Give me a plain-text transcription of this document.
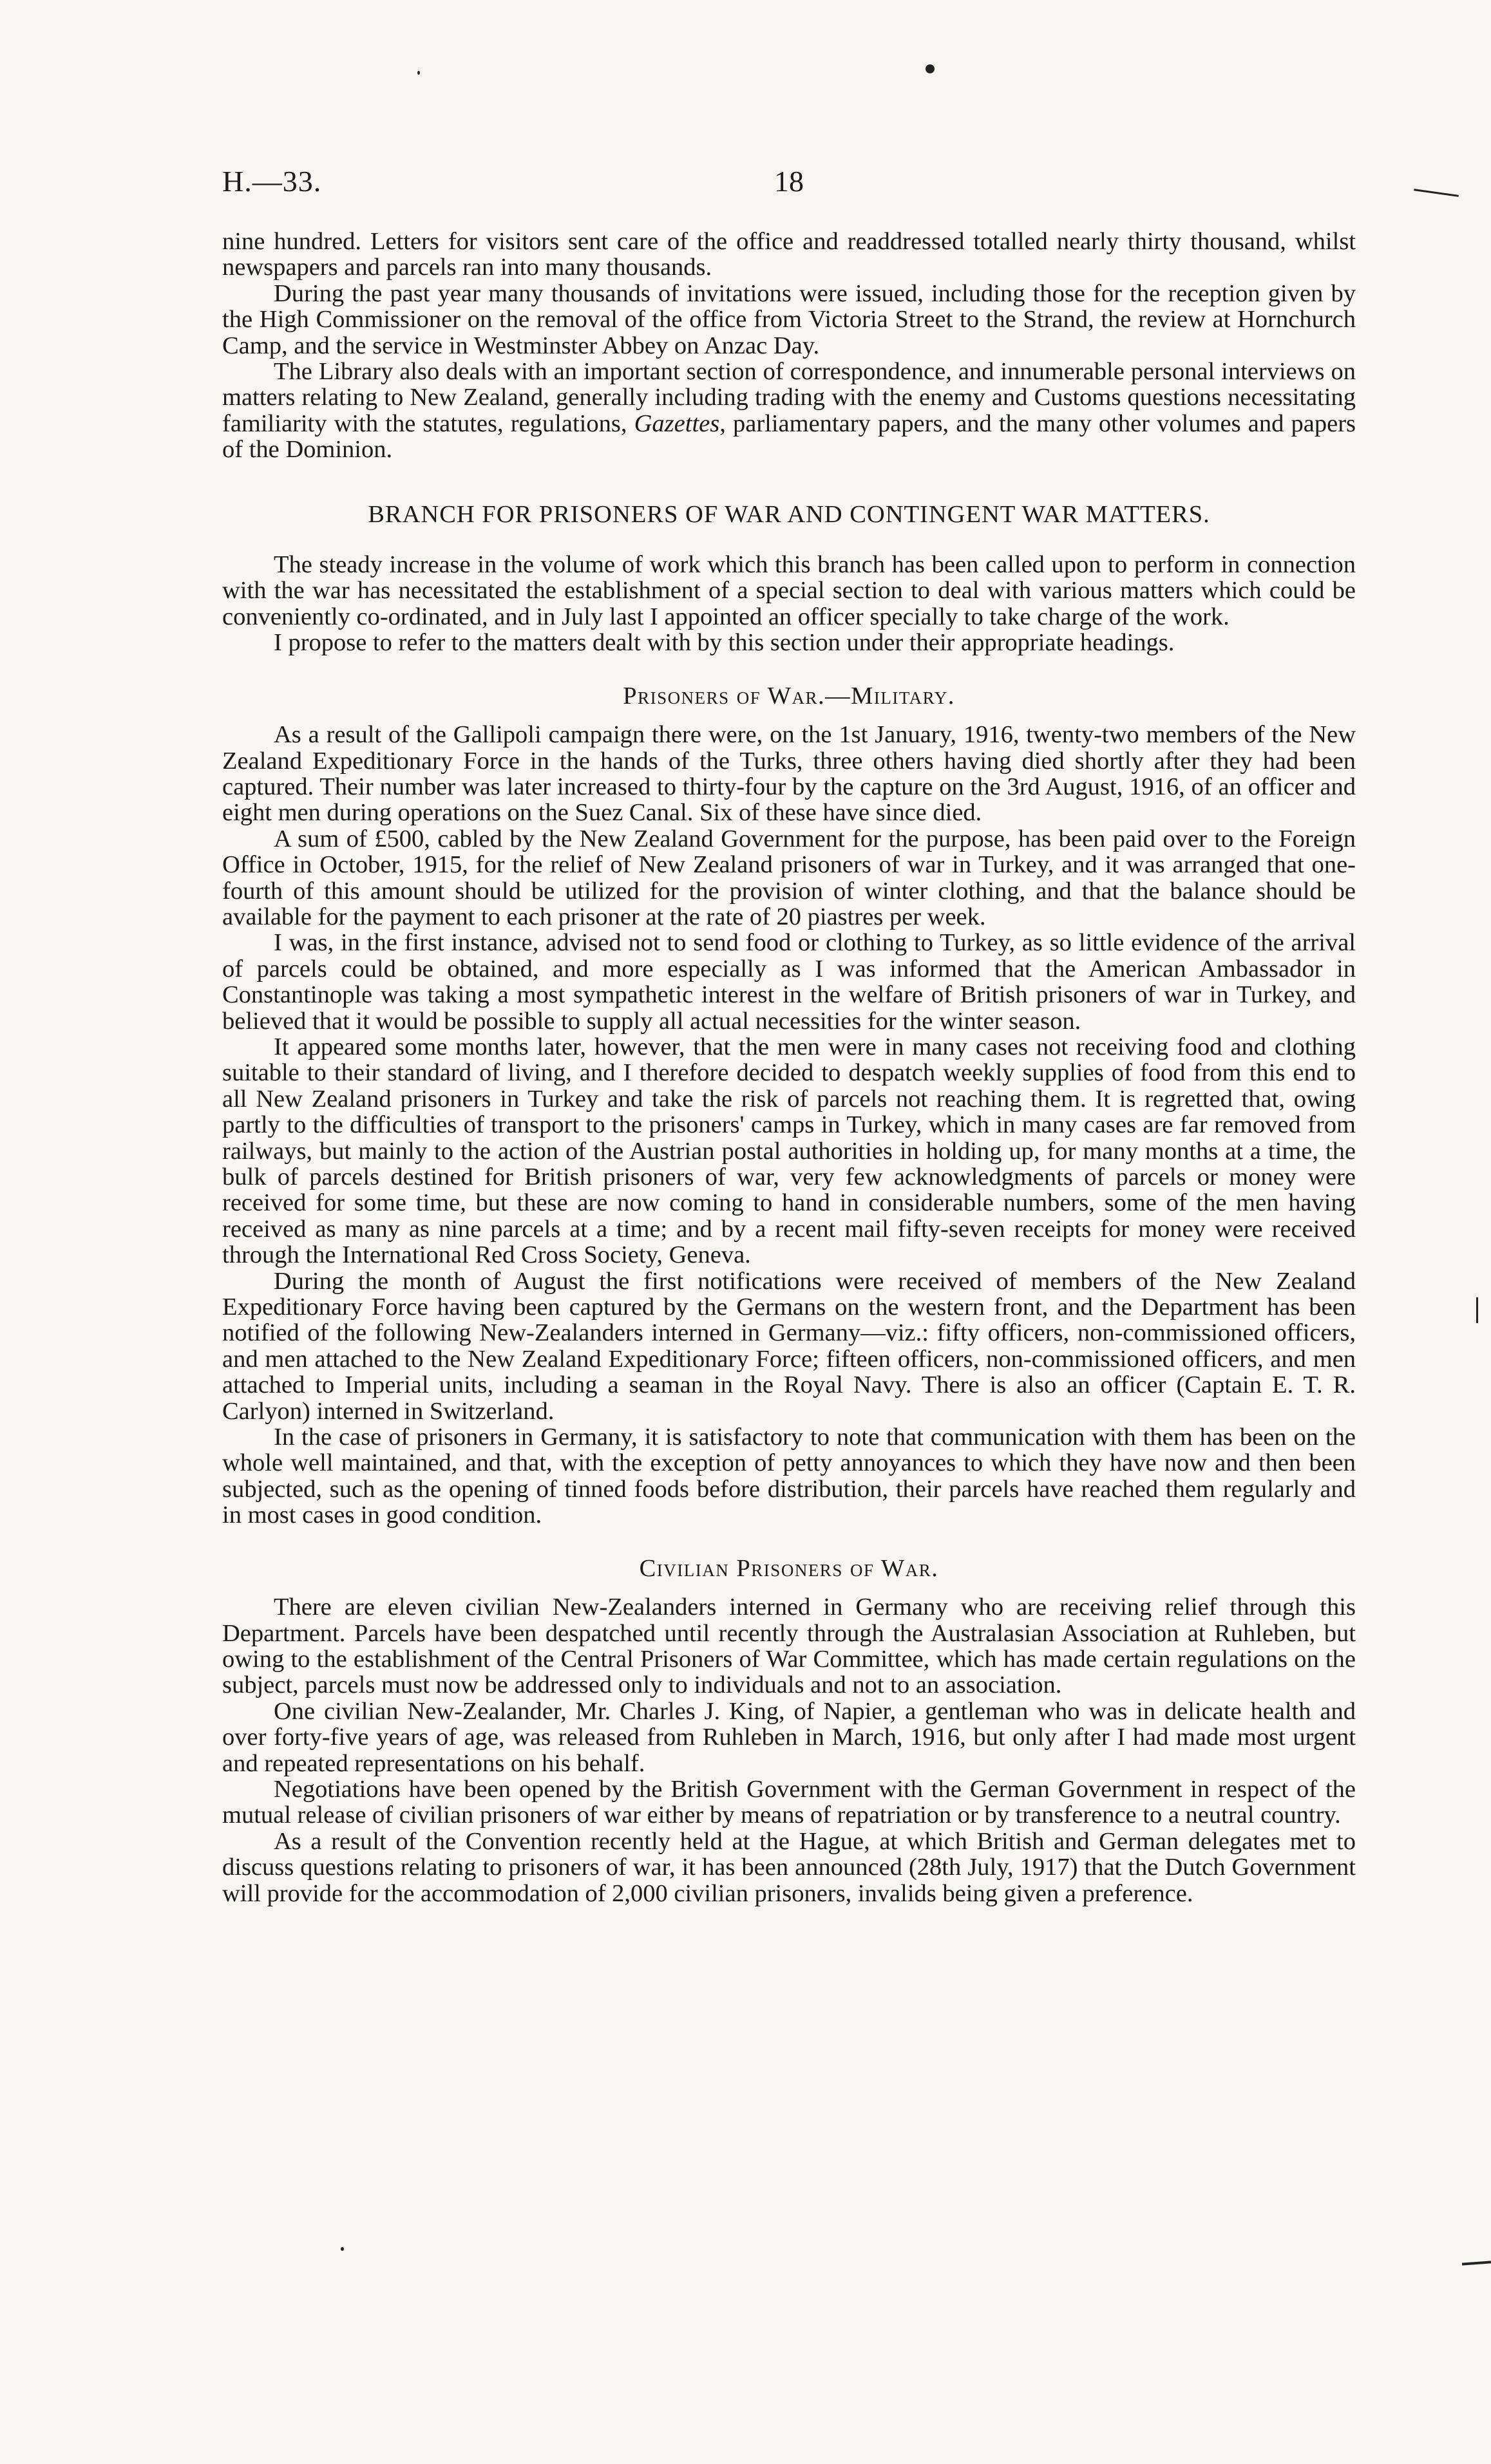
H.—33.	18

nine hundred. Letters for visitors sent care of the office and readdressed totalled nearly thirty thousand, whilst newspapers and parcels ran into many thousands.

During the past year many thousands of invitations were issued, including those for the reception given by the High Commissioner on the removal of the office from Victoria Street to the Strand, the review at Hornchurch Camp, and the service in Westminster Abbey on Anzac Day.

The Library also deals with an important section of correspondence, and innumerable personal interviews on matters relating to New Zealand, generally including trading with the enemy and Customs questions necessitating familiarity with the statutes, regulations, Gazettes, parliamentary papers, and the many other volumes and papers of the Dominion.

BRANCH FOR PRISONERS OF WAR AND CONTINGENT WAR MATTERS.

The steady increase in the volume of work which this branch has been called upon to perform in connection with the war has necessitated the establishment of a special section to deal with various matters which could be conveniently co-ordinated, and in July last I appointed an officer specially to take charge of the work.

I propose to refer to the matters dealt with by this section under their appropriate headings.

Prisoners of War.—Military.

As a result of the Gallipoli campaign there were, on the 1st January, 1916, twenty-two members of the New Zealand Expeditionary Force in the hands of the Turks, three others having died shortly after they had been captured. Their number was later increased to thirty-four by the capture on the 3rd August, 1916, of an officer and eight men during operations on the Suez Canal. Six of these have since died.

A sum of £500, cabled by the New Zealand Government for the purpose, has been paid over to the Foreign Office in October, 1915, for the relief of New Zealand prisoners of war in Turkey, and it was arranged that one-fourth of this amount should be utilized for the provision of winter clothing, and that the balance should be available for the payment to each prisoner at the rate of 20 piastres per week.

I was, in the first instance, advised not to send food or clothing to Turkey, as so little evidence of the arrival of parcels could be obtained, and more especially as I was informed that the American Ambassador in Constantinople was taking a most sympathetic interest in the welfare of British prisoners of war in Turkey, and believed that it would be possible to supply all actual necessities for the winter season.

It appeared some months later, however, that the men were in many cases not receiving food and clothing suitable to their standard of living, and I therefore decided to despatch weekly supplies of food from this end to all New Zealand prisoners in Turkey and take the risk of parcels not reaching them. It is regretted that, owing partly to the difficulties of transport to the prisoners' camps in Turkey, which in many cases are far removed from railways, but mainly to the action of the Austrian postal authorities in holding up, for many months at a time, the bulk of parcels destined for British prisoners of war, very few acknowledgments of parcels or money were received for some time, but these are now coming to hand in considerable numbers, some of the men having received as many as nine parcels at a time; and by a recent mail fifty-seven receipts for money were received through the International Red Cross Society, Geneva.

During the month of August the first notifications were received of members of the New Zealand Expeditionary Force having been captured by the Germans on the western front, and the Department has been notified of the following New-Zealanders interned in Germany—viz.: fifty officers, non-commissioned officers, and men attached to the New Zealand Expeditionary Force; fifteen officers, non-commissioned officers, and men attached to Imperial units, including a seaman in the Royal Navy. There is also an officer (Captain E. T. R. Carlyon) interned in Switzerland.

In the case of prisoners in Germany, it is satisfactory to note that communication with them has been on the whole well maintained, and that, with the exception of petty annoyances to which they have now and then been subjected, such as the opening of tinned foods before distribution, their parcels have reached them regularly and in most cases in good condition.

Civilian Prisoners of War.

There are eleven civilian New-Zealanders interned in Germany who are receiving relief through this Department. Parcels have been despatched until recently through the Australasian Association at Ruhleben, but owing to the establishment of the Central Prisoners of War Committee, which has made certain regulations on the subject, parcels must now be addressed only to individuals and not to an association.

One civilian New-Zealander, Mr. Charles J. King, of Napier, a gentleman who was in delicate health and over forty-five years of age, was released from Ruhleben in March, 1916, but only after I had made most urgent and repeated representations on his behalf.

Negotiations have been opened by the British Government with the German Government in respect of the mutual release of civilian prisoners of war either by means of repatriation or by transference to a neutral country.

As a result of the Convention recently held at the Hague, at which British and German delegates met to discuss questions relating to prisoners of war, it has been announced (28th July, 1917) that the Dutch Government will provide for the accommodation of 2,000 civilian prisoners, invalids being given a preference.
